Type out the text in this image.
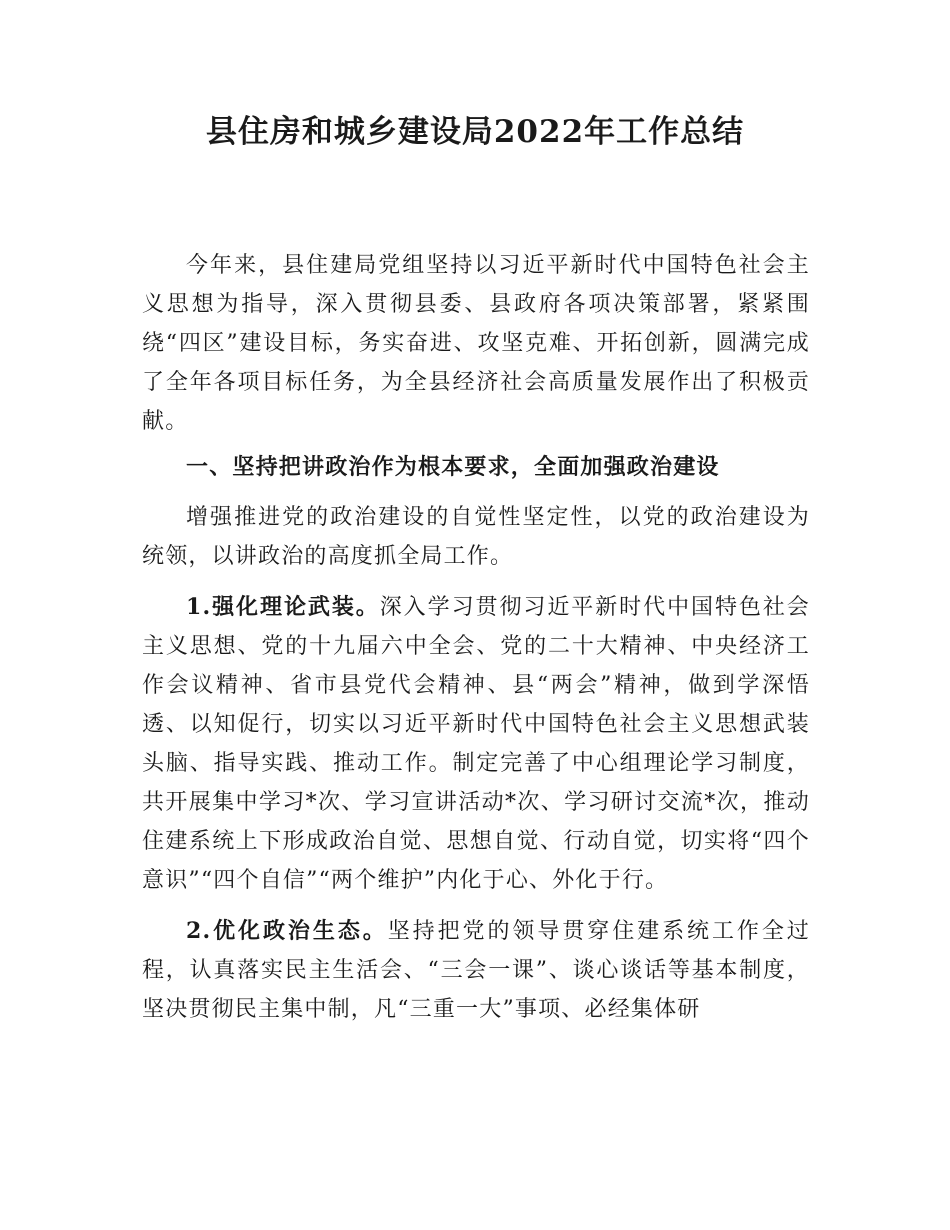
县住房和城乡建设局2022年工作总结

今年来，县住建局党组坚持以习近平新时代中国特色社会主义思想为指导，深入贯彻县委、县政府各项决策部署，紧紧围绕“四区”建设目标，务实奋进、攻坚克难、开拓创新，圆满完成了全年各项目标任务，为全县经济社会高质量发展作出了积极贡献。

一、坚持把讲政治作为根本要求，全面加强政治建设

增强推进党的政治建设的自觉性坚定性，以党的政治建设为统领，以讲政治的高度抓全局工作。

1.强化理论武装。深入学习贯彻习近平新时代中国特色社会主义思想、党的十九届六中全会、党的二十大精神、中央经济工作会议精神、省市县党代会精神、县“两会”精神，做到学深悟透、以知促行，切实以习近平新时代中国特色社会主义思想武装头脑、指导实践、推动工作。制定完善了中心组理论学习制度，共开展集中学习*次、学习宣讲活动*次、学习研讨交流*次，推动住建系统上下形成政治自觉、思想自觉、行动自觉，切实将“四个意识”“四个自信”“两个维护”内化于心、外化于行。

2.优化政治生态。坚持把党的领导贯穿住建系统工作全过程，认真落实民主生活会、“三会一课”、谈心谈话等基本制度，坚决贯彻民主集中制，凡“三重一大”事项、必经集体研
